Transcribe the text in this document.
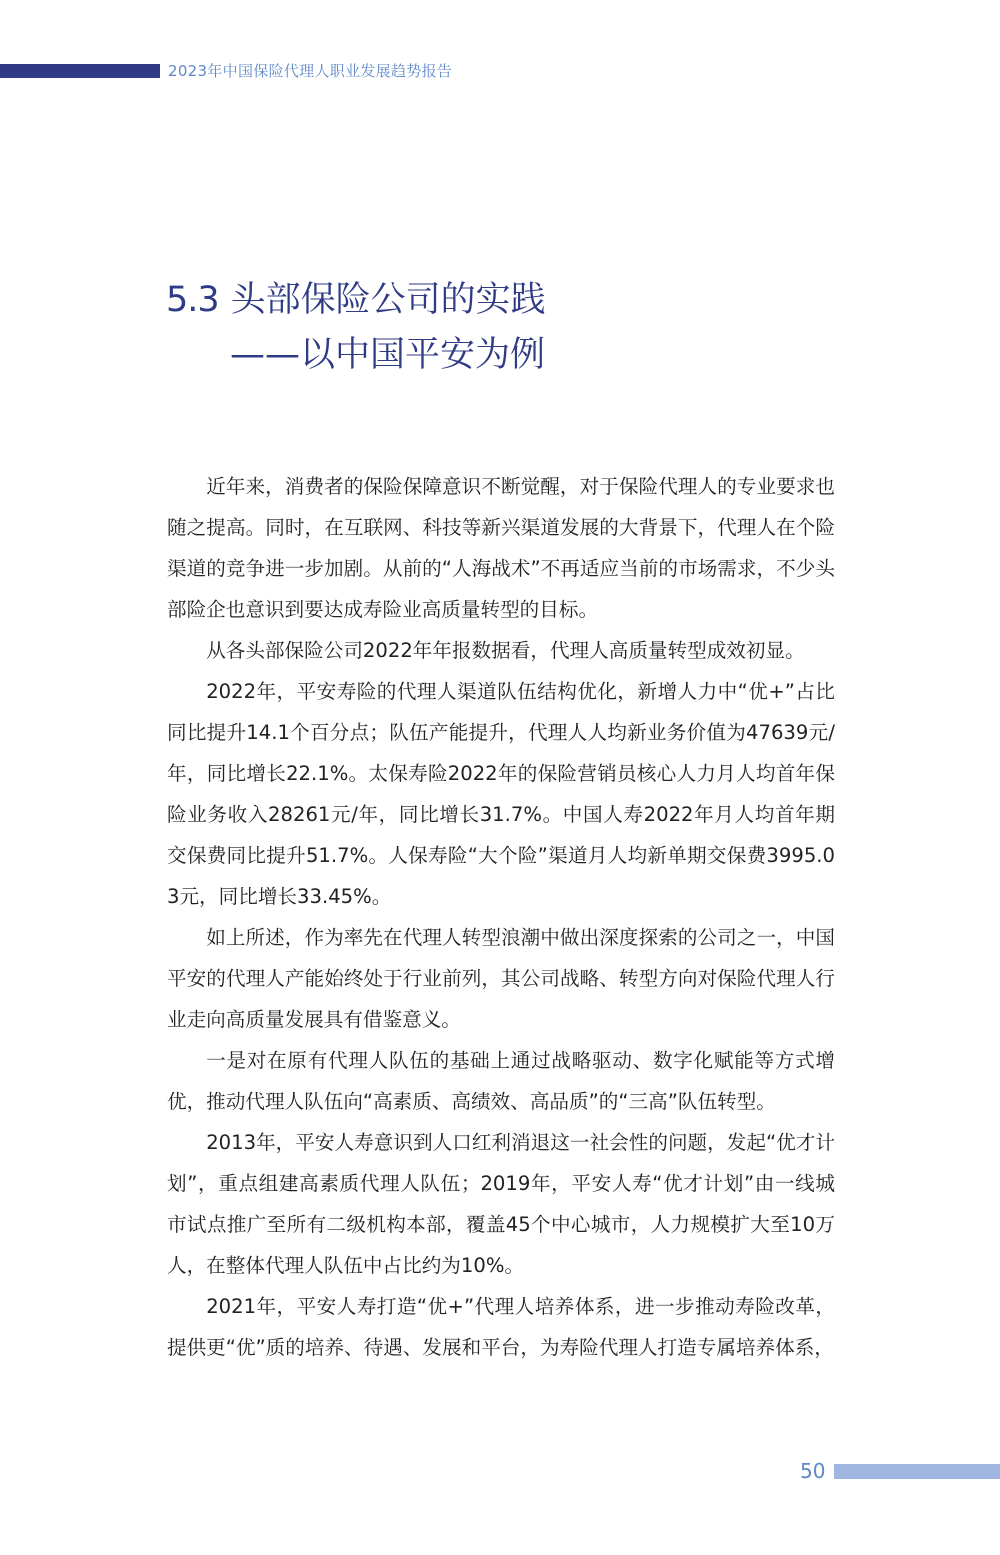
2023年中国保险代理人职业发展趋势报告
5.3 头部保险公司的实践
——以中国平安为例

近年来，消费者的保险保障意识不断觉醒，对于保险代理人的专业要求也随之提高。同时，在互联网、科技等新兴渠道发展的大背景下，代理人在个险渠道的竞争进一步加剧。从前的“人海战术”不再适应当前的市场需求，不少头部险企也意识到要达成寿险业高质量转型的目标。

从各头部保险公司2022年年报数据看，代理人高质量转型成效初显。

2022年，平安寿险的代理人渠道队伍结构优化，新增人力中“优+”占比同比提升14.1个百分点；队伍产能提升，代理人人均新业务价值为47639元/年，同比增长22.1%。太保寿险2022年的保险营销员核心人力月人均首年保险业务收入28261元/年，同比增长31.7%。中国人寿2022年月人均首年期交保费同比提升51.7%。人保寿险“大个险”渠道月人均新单期交保费3995.03元，同比增长33.45%。

如上所述，作为率先在代理人转型浪潮中做出深度探索的公司之一，中国平安的代理人产能始终处于行业前列，其公司战略、转型方向对保险代理人行业走向高质量发展具有借鉴意义。

一是对在原有代理人队伍的基础上通过战略驱动、数字化赋能等方式增优，推动代理人队伍向“高素质、高绩效、高品质”的“三高”队伍转型。

2013年，平安人寿意识到人口红利消退这一社会性的问题，发起“优才计划”，重点组建高素质代理人队伍；2019年，平安人寿“优才计划”由一线城市试点推广至所有二级机构本部，覆盖45个中心城市，人力规模扩大至10万人，在整体代理人队伍中占比约为10%。

2021年，平安人寿打造“优+”代理人培养体系，进一步推动寿险改革，提供更“优”质的培养、待遇、发展和平台，为寿险代理人打造专属培养体系，

50
